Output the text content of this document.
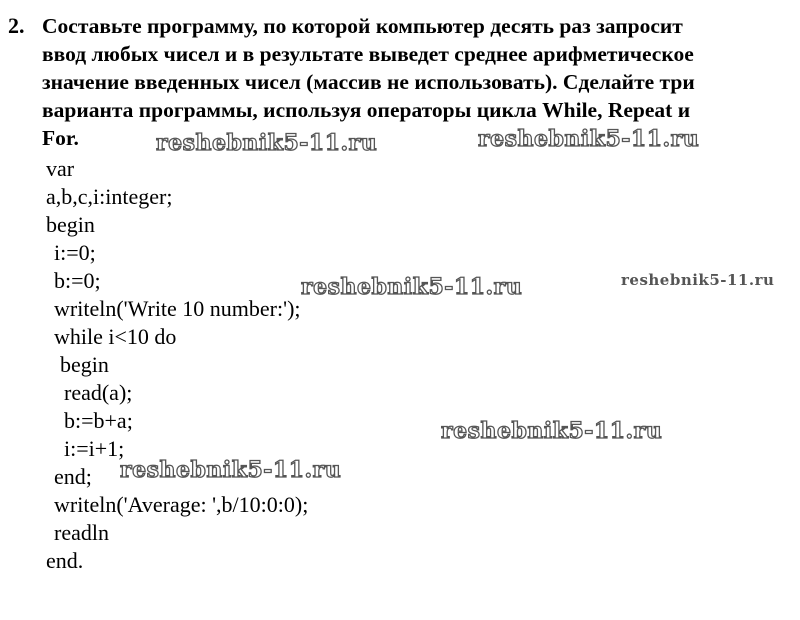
2. Составьте программу, по которой компьютер десять раз запросит
ввод любых чисел и в результате выведет среднее арифметическое
значение введенных чисел (массив не использовать). Сделайте три
варианта программы, используя операторы цикла While, Repeat и
For.
var
a,b,c,i:integer;
begin
i:=0;
b:=0;
writeln('Write 10 number:');
while i<10 do
begin
read(a);
b:=b+a;
i:=i+1;
end;
writeln('Average: ',b/10:0:0);
readln
end.
reshebnik5-11.ru	reshebnik5-11.ru
reshebnik5-11.ru	reshebnik5-11.ru
reshebnik5-11.ru
reshebnik5-11.ru
